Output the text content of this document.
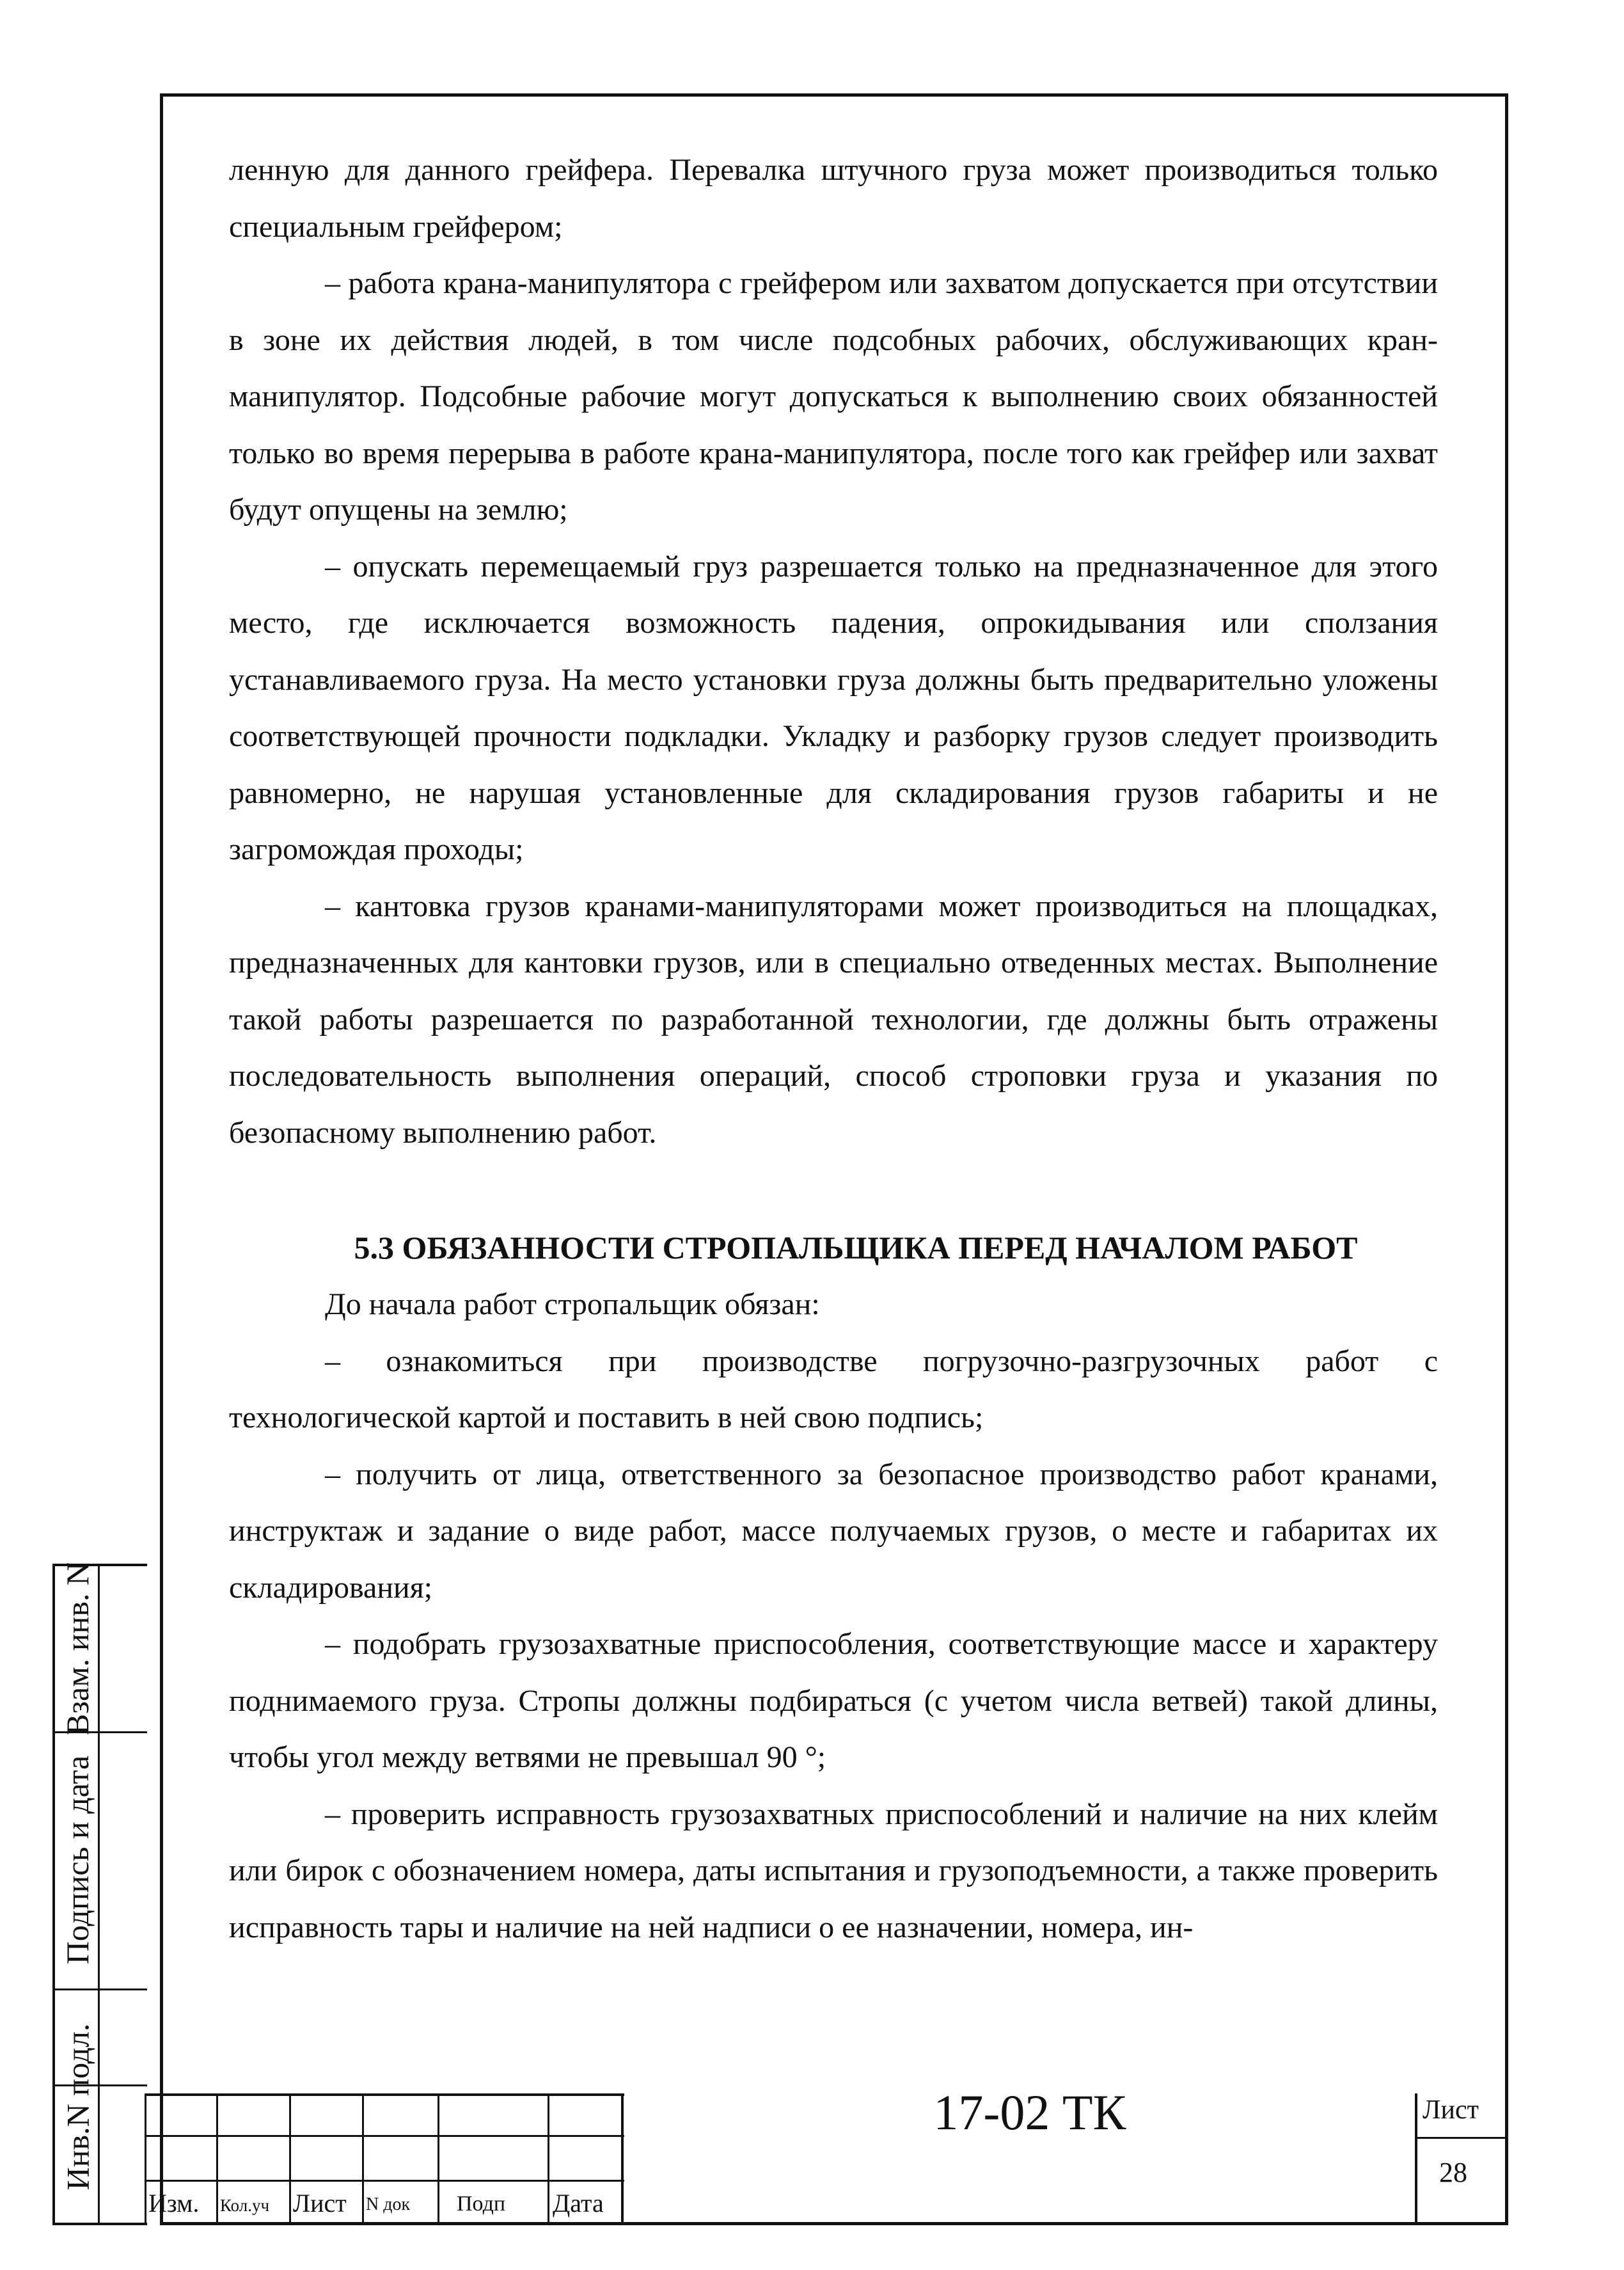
ленную для данного грейфера. Перевалка штучного груза может производиться только специальным грейфером;

– работа крана-манипулятора с грейфером или захватом допускается при отсутствии в зоне их действия людей, в том числе подсобных рабочих, обслуживающих кран-манипулятор. Подсобные рабочие могут допускаться к выполнению своих обязанностей только во время перерыва в работе крана-манипулятора, после того как грейфер или захват будут опущены на землю;

– опускать перемещаемый груз разрешается только на предназначенное для этого место, где исключается возможность падения, опрокидывания или сползания устанавливаемого груза. На место установки груза должны быть предварительно уложены соответствующей прочности подкладки. Укладку и разборку грузов следует производить равномерно, не нарушая установленные для складирования грузов габариты и не загромождая проходы;

– кантовка грузов кранами-манипуляторами может производиться на площадках, предназначенных для кантовки грузов, или в специально отведенных местах. Выполнение такой работы разрешается по разработанной технологии, где должны быть отражены последовательность выполнения операций, способ строповки груза и указания по безопасному выполнению работ.

5.3 ОБЯЗАННОСТИ СТРОПАЛЬЩИКА ПЕРЕД НАЧАЛОМ РАБОТ

До начала работ стропальщик обязан:

– ознакомиться при производстве погрузочно-разгрузочных работ с технологической картой и поставить в ней свою подпись;

– получить от лица, ответственного за безопасное производство работ кранами, инструктаж и задание о виде работ, массе получаемых грузов, о месте и габаритах их складирования;

– подобрать грузозахватные приспособления, соответствующие массе и характеру поднимаемого груза. Стропы должны подбираться (с учетом числа ветвей) такой длины, чтобы угол между ветвями не превышал 90 °;

– проверить исправность грузозахватных приспособлений и наличие на них клейм или бирок с обозначением номера, даты испытания и грузоподъемности, а также проверить исправность тары и наличие на ней надписи о ее назначении, номера, ин-

Взам. инв. N
Подпись и дата
Инв.N подл.
Изм. Кол.уч Лист N док Подп Дата
17-02 ТК	Лист
28
